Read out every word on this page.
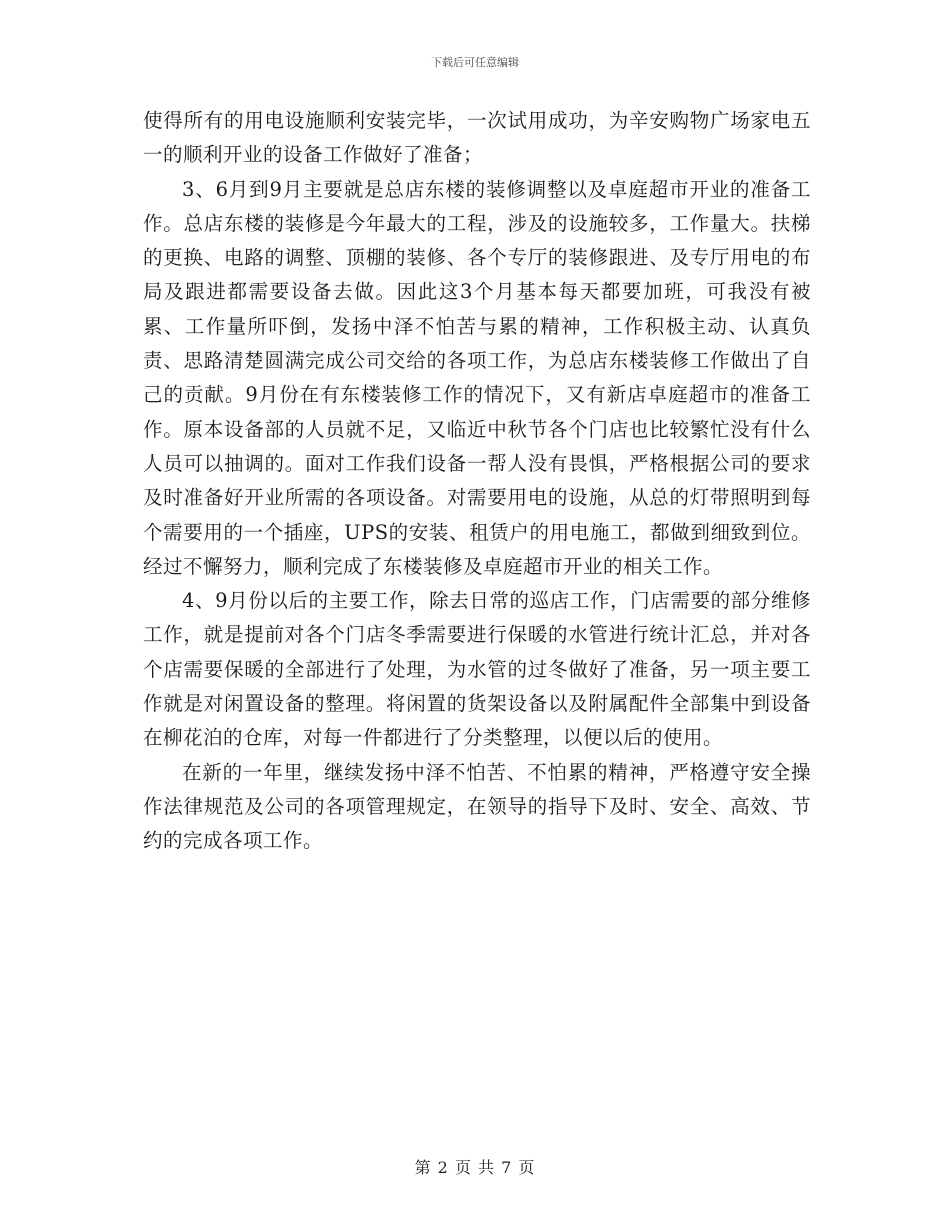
下载后可任意编辑

使得所有的用电设施顺利安装完毕，一次试用成功，为辛安购物广场家电五一的顺利开业的设备工作做好了准备；

3、6月到9月主要就是总店东楼的装修调整以及卓庭超市开业的准备工作。总店东楼的装修是今年最大的工程，涉及的设施较多，工作量大。扶梯的更换、电路的调整、顶棚的装修、各个专厅的装修跟进、及专厅用电的布局及跟进都需要设备去做。因此这3个月基本每天都要加班，可我没有被累、工作量所吓倒，发扬中泽不怕苦与累的精神，工作积极主动、认真负责、思路清楚圆满完成公司交给的各项工作，为总店东楼装修工作做出了自己的贡献。9月份在有东楼装修工作的情况下，又有新店卓庭超市的准备工作。原本设备部的人员就不足，又临近中秋节各个门店也比较繁忙没有什么人员可以抽调的。面对工作我们设备一帮人没有畏惧，严格根据公司的要求及时准备好开业所需的各项设备。对需要用电的设施，从总的灯带照明到每个需要用的一个插座，UPS的安装、租赁户的用电施工，都做到细致到位。经过不懈努力，顺利完成了东楼装修及卓庭超市开业的相关工作。

4、9月份以后的主要工作，除去日常的巡店工作，门店需要的部分维修工作，就是提前对各个门店冬季需要进行保暖的水管进行统计汇总，并对各个店需要保暖的全部进行了处理，为水管的过冬做好了准备，另一项主要工作就是对闲置设备的整理。将闲置的货架设备以及附属配件全部集中到设备在柳花泊的仓库，对每一件都进行了分类整理，以便以后的使用。

在新的一年里，继续发扬中泽不怕苦、不怕累的精神，严格遵守安全操作法律规范及公司的各项管理规定，在领导的指导下及时、安全、高效、节约的完成各项工作。

第 2 页 共 7 页
